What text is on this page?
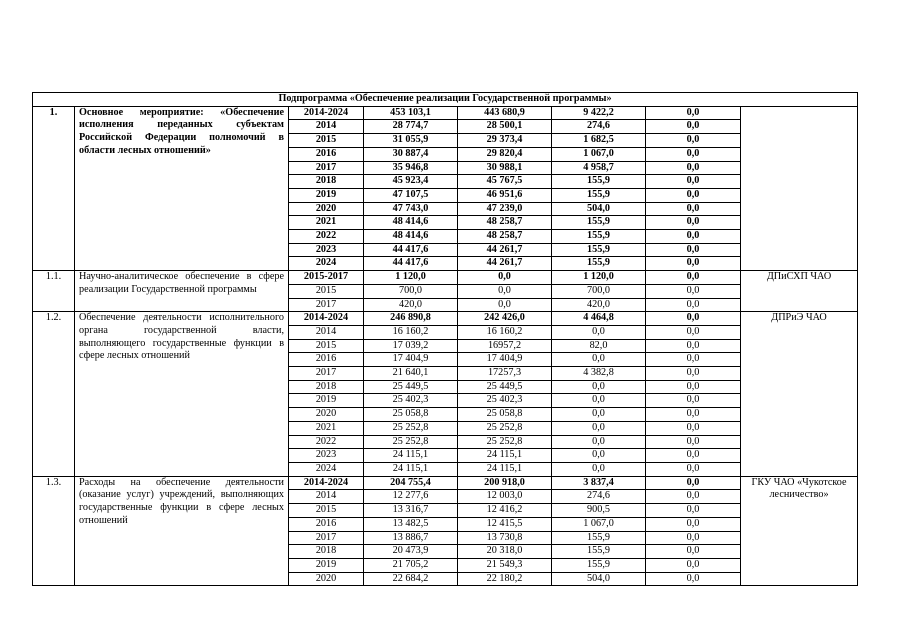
Подпрограмма «Обеспечение реализации Государственной программы»							
1.	Основное мероприятие: «Обеспечение исполнения переданных субъектам Российской Федерации полномочий в области лесных отношений»	2014-2024	453 103,1	443 680,9	9 422,2	0,0	
		2014	28 774,7	28 500,1	274,6	0,0	
		2015	31 055,9	29 373,4	1 682,5	0,0	
		2016	30 887,4	29 820,4	1 067,0	0,0	
		2017	35 946,8	30 988,1	4 958,7	0,0	
		2018	45 923,4	45 767,5	155,9	0,0	
		2019	47 107,5	46 951,6	155,9	0,0	
		2020	47 743,0	47 239,0	504,0	0,0	
		2021	48 414,6	48 258,7	155,9	0,0	
		2022	48 414,6	48 258,7	155,9	0,0	
		2023	44 417,6	44 261,7	155,9	0,0	
		2024	44 417,6	44 261,7	155,9	0,0	
1.1.	Научно-аналитическое обеспечение в сфере реализации Государственной программы	2015-2017	1 120,0	0,0	1 120,0	0,0	ДПиСХП ЧАО
		2015	700,0	0,0	700,0	0,0	
		2017	420,0	0,0	420,0	0,0	
1.2.	Обеспечение деятельности исполнительного органа государственной власти, выполняющего государственные функции в сфере лесных отношений	2014-2024	246 890,8	242 426,0	4 464,8	0,0	ДПРиЭ ЧАО
		2014	16 160,2	16 160,2	0,0	0,0	
		2015	17 039,2	16957,2	82,0	0,0	
		2016	17 404,9	17 404,9	0,0	0,0	
		2017	21 640,1	17257,3	4 382,8	0,0	
		2018	25 449,5	25 449,5	0,0	0,0	
		2019	25 402,3	25 402,3	0,0	0,0	
		2020	25 058,8	25 058,8	0,0	0,0	
		2021	25 252,8	25 252,8	0,0	0,0	
		2022	25 252,8	25 252,8	0,0	0,0	
		2023	24 115,1	24 115,1	0,0	0,0	
		2024	24 115,1	24 115,1	0,0	0,0	
1.3.	Расходы на обеспечение деятельности (оказание услуг) учреждений, выполняющих государственные функции в сфере лесных отношений	2014-2024	204 755,4	200 918,0	3 837,4	0,0	ГКУ ЧАО «Чукотское лесничество»
		2014	12 277,6	12 003,0	274,6	0,0	
		2015	13 316,7	12 416,2	900,5	0,0	
		2016	13 482,5	12 415,5	1 067,0	0,0	
		2017	13 886,7	13 730,8	155,9	0,0	
		2018	20 473,9	20 318,0	155,9	0,0	
		2019	21 705,2	21 549,3	155,9	0,0	
		2020	22 684,2	22 180,2	504,0	0,0	
